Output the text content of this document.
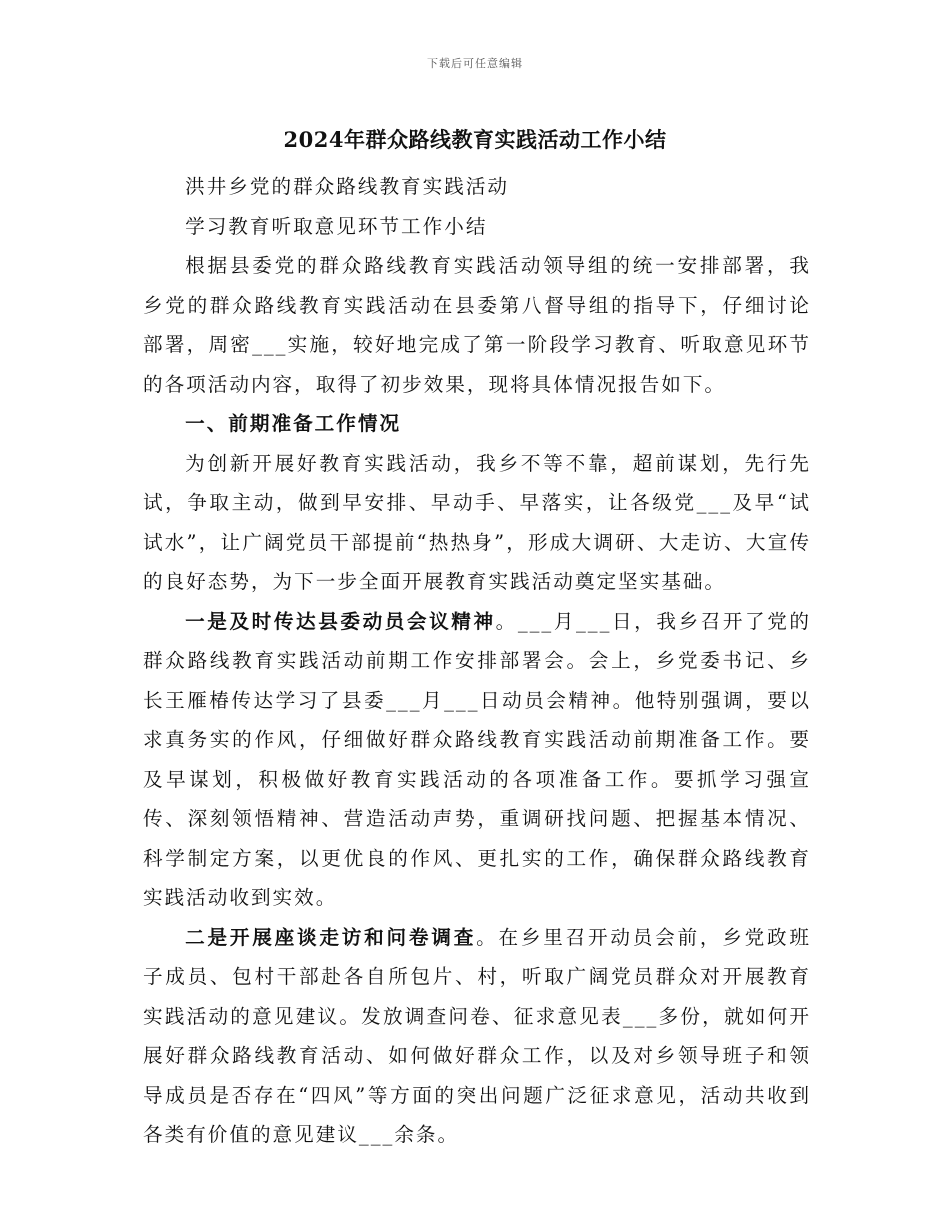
下载后可任意编辑
2024年群众路线教育实践活动工作小结

洪井乡党的群众路线教育实践活动

学习教育听取意见环节工作小结

根据县委党的群众路线教育实践活动领导组的统一安排部署，我乡党的群众路线教育实践活动在县委第八督导组的指导下，仔细讨论部署，周密___实施，较好地完成了第一阶段学习教育、听取意见环节的各项活动内容，取得了初步效果，现将具体情况报告如下。

一、前期准备工作情况

为创新开展好教育实践活动，我乡不等不靠，超前谋划，先行先试，争取主动，做到早安排、早动手、早落实，让各级党___及早“试试水”，让广阔党员干部提前“热热身”，形成大调研、大走访、大宣传的良好态势，为下一步全面开展教育实践活动奠定坚实基础。

一是及时传达县委动员会议精神。___月___日，我乡召开了党的群众路线教育实践活动前期工作安排部署会。会上，乡党委书记、乡长王雁椿传达学习了县委___月___日动员会精神。他特别强调，要以求真务实的作风，仔细做好群众路线教育实践活动前期准备工作。要及早谋划，积极做好教育实践活动的各项准备工作。要抓学习强宣传、深刻领悟精神、营造活动声势，重调研找问题、把握基本情况、科学制定方案，以更优良的作风、更扎实的工作，确保群众路线教育实践活动收到实效。

二是开展座谈走访和问卷调查。在乡里召开动员会前，乡党政班子成员、包村干部赴各自所包片、村，听取广阔党员群众对开展教育实践活动的意见建议。发放调查问卷、征求意见表___多份，就如何开展好群众路线教育活动、如何做好群众工作，以及对乡领导班子和领导成员是否存在“四风”等方面的突出问题广泛征求意见，活动共收到各类有价值的意见建议___余条。
